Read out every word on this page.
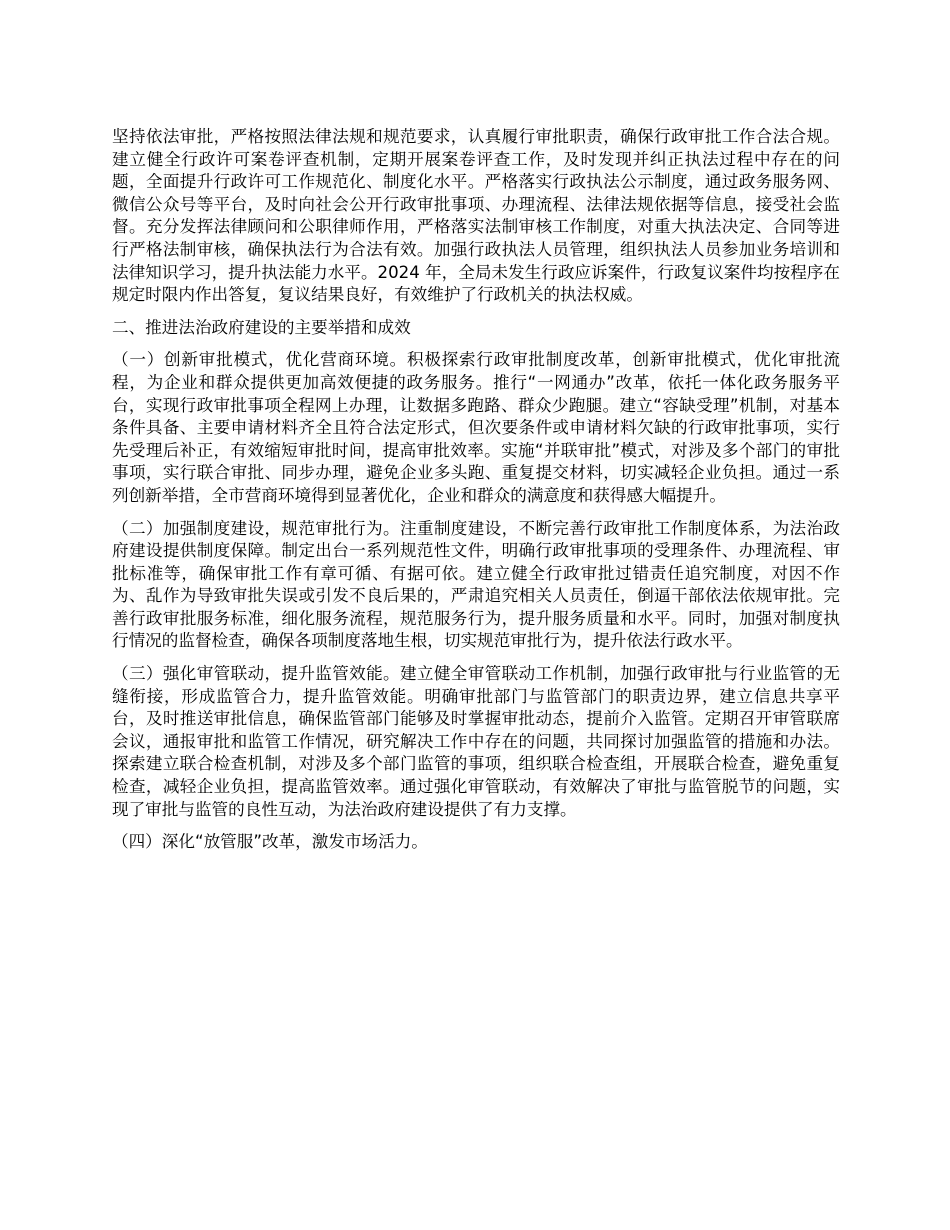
坚持依法审批，严格按照法律法规和规范要求，认真履行审批职责，确保行政审批工作合法合规。建立健全行政许可案卷评查机制，定期开展案卷评查工作，及时发现并纠正执法过程中存在的问题，全面提升行政许可工作规范化、制度化水平。严格落实行政执法公示制度，通过政务服务网、微信公众号等平台，及时向社会公开行政审批事项、办理流程、法律法规依据等信息，接受社会监督。充分发挥法律顾问和公职律师作用，严格落实法制审核工作制度，对重大执法决定、合同等进行严格法制审核，确保执法行为合法有效。加强行政执法人员管理，组织执法人员参加业务培训和法律知识学习，提升执法能力水平。2024 年，全局未发生行政应诉案件，行政复议案件均按程序在规定时限内作出答复，复议结果良好，有效维护了行政机关的执法权威。

二、推进法治政府建设的主要举措和成效

（一）创新审批模式，优化营商环境。积极探索行政审批制度改革，创新审批模式，优化审批流程，为企业和群众提供更加高效便捷的政务服务。推行“一网通办”改革，依托一体化政务服务平台，实现行政审批事项全程网上办理，让数据多跑路、群众少跑腿。建立“容缺受理”机制，对基本条件具备、主要申请材料齐全且符合法定形式，但次要条件或申请材料欠缺的行政审批事项，实行先受理后补正，有效缩短审批时间，提高审批效率。实施“并联审批”模式，对涉及多个部门的审批事项，实行联合审批、同步办理，避免企业多头跑、重复提交材料，切实减轻企业负担。通过一系列创新举措，全市营商环境得到显著优化，企业和群众的满意度和获得感大幅提升。

（二）加强制度建设，规范审批行为。注重制度建设，不断完善行政审批工作制度体系，为法治政府建设提供制度保障。制定出台一系列规范性文件，明确行政审批事项的受理条件、办理流程、审批标准等，确保审批工作有章可循、有据可依。建立健全行政审批过错责任追究制度，对因不作为、乱作为导致审批失误或引发不良后果的，严肃追究相关人员责任，倒逼干部依法依规审批。完善行政审批服务标准，细化服务流程，规范服务行为，提升服务质量和水平。同时，加强对制度执行情况的监督检查，确保各项制度落地生根，切实规范审批行为，提升依法行政水平。

（三）强化审管联动，提升监管效能。建立健全审管联动工作机制，加强行政审批与行业监管的无缝衔接，形成监管合力，提升监管效能。明确审批部门与监管部门的职责边界，建立信息共享平台，及时推送审批信息，确保监管部门能够及时掌握审批动态，提前介入监管。定期召开审管联席会议，通报审批和监管工作情况，研究解决工作中存在的问题，共同探讨加强监管的措施和办法。探索建立联合检查机制，对涉及多个部门监管的事项，组织联合检查组，开展联合检查，避免重复检查，减轻企业负担，提高监管效率。通过强化审管联动，有效解决了审批与监管脱节的问题，实现了审批与监管的良性互动，为法治政府建设提供了有力支撑。

（四）深化“放管服”改革，激发市场活力。
